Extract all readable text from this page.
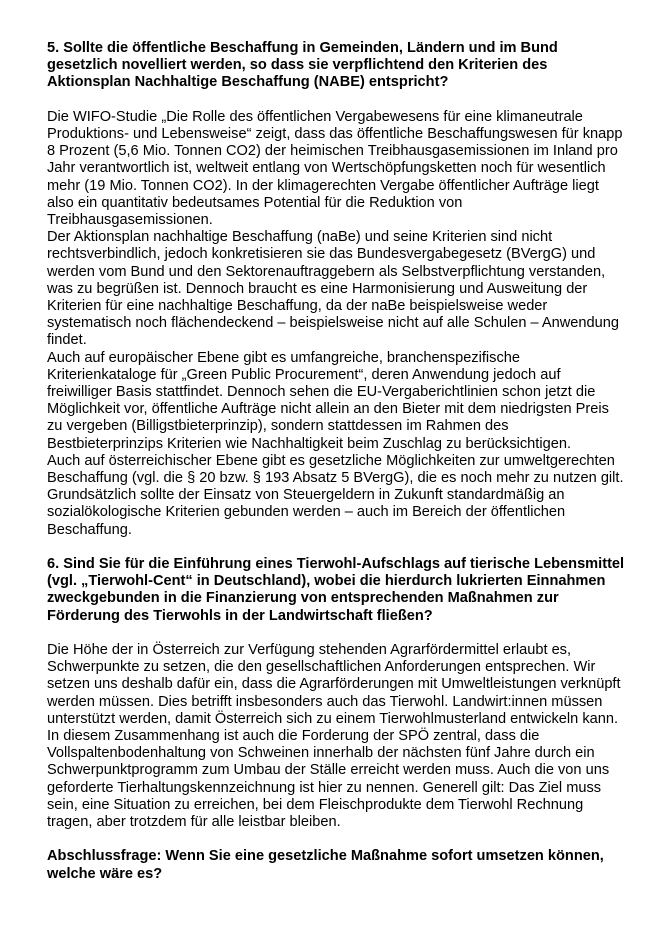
5. Sollte die öffentliche Beschaffung in Gemeinden, Ländern und im Bund gesetzlich novelliert werden, so dass sie verpflichtend den Kriterien des Aktionsplan Nachhaltige Beschaffung (NABE) entspricht?

Die WIFO-Studie „Die Rolle des öffentlichen Vergabewesens für eine klimaneutrale Produktions- und Lebensweise“ zeigt, dass das öffentliche Beschaffungswesen für knapp 8 Prozent (5,6 Mio. Tonnen CO2) der heimischen Treibhausgasemissionen im Inland pro Jahr verantwortlich ist, weltweit entlang von Wertschöpfungsketten noch für wesentlich mehr (19 Mio. Tonnen CO2). In der klimagerechten Vergabe öffentlicher Aufträge liegt also ein quantitativ bedeutsames Potential für die Reduktion von Treibhausgasemissionen.

Der Aktionsplan nachhaltige Beschaffung (naBe) und seine Kriterien sind nicht rechtsverbindlich, jedoch konkretisieren sie das Bundesvergabegesetz (BVergG) und werden vom Bund und den Sektorenauftraggebern als Selbstverpflichtung verstanden, was zu begrüßen ist. Dennoch braucht es eine Harmonisierung und Ausweitung der Kriterien für eine nachhaltige Beschaffung, da der naBe beispielsweise weder systematisch noch flächendeckend – beispielsweise nicht auf alle Schulen – Anwendung findet.

Auch auf europäischer Ebene gibt es umfangreiche, branchenspezifische Kriterienkataloge für „Green Public Procurement“, deren Anwendung jedoch auf freiwilliger Basis stattfindet. Dennoch sehen die EU-Vergaberichtlinien schon jetzt die Möglichkeit vor, öffentliche Aufträge nicht allein an den Bieter mit dem niedrigsten Preis zu vergeben (Billigstbieterprinzip), sondern stattdessen im Rahmen des Bestbieterprinzips Kriterien wie Nachhaltigkeit beim Zuschlag zu berücksichtigen.

Auch auf österreichischer Ebene gibt es gesetzliche Möglichkeiten zur umweltgerechten Beschaffung (vgl. die § 20 bzw. § 193 Absatz 5 BVergG), die es noch mehr zu nutzen gilt. Grundsätzlich sollte der Einsatz von Steuergeldern in Zukunft standardmäßig an sozialökologische Kriterien gebunden werden – auch im Bereich der öffentlichen Beschaffung.

6. Sind Sie für die Einführung eines Tierwohl-Aufschlags auf tierische Lebensmittel (vgl. „Tierwohl-Cent“ in Deutschland), wobei die hierdurch lukrierten Einnahmen zweckgebunden in die Finanzierung von entsprechenden Maßnahmen zur Förderung des Tierwohls in der Landwirtschaft fließen?

Die Höhe der in Österreich zur Verfügung stehenden Agrarfördermittel erlaubt es, Schwerpunkte zu setzen, die den gesellschaftlichen Anforderungen entsprechen. Wir setzen uns deshalb dafür ein, dass die Agrarförderungen mit Umweltleistungen verknüpft werden müssen. Dies betrifft insbesonders auch das Tierwohl. Landwirt:innen müssen unterstützt werden, damit Österreich sich zu einem Tierwohlmusterland entwickeln kann. In diesem Zusammenhang ist auch die Forderung der SPÖ zentral, dass die Vollspaltenbodenhaltung von Schweinen innerhalb der nächsten fünf Jahre durch ein Schwerpunktprogramm zum Umbau der Ställe erreicht werden muss. Auch die von uns geforderte Tierhaltungskennzeichnung ist hier zu nennen. Generell gilt: Das Ziel muss sein, eine Situation zu erreichen, bei dem Fleischprodukte dem Tierwohl Rechnung tragen, aber trotzdem für alle leistbar bleiben.

Abschlussfrage: Wenn Sie eine gesetzliche Maßnahme sofort umsetzen können, welche wäre es?
